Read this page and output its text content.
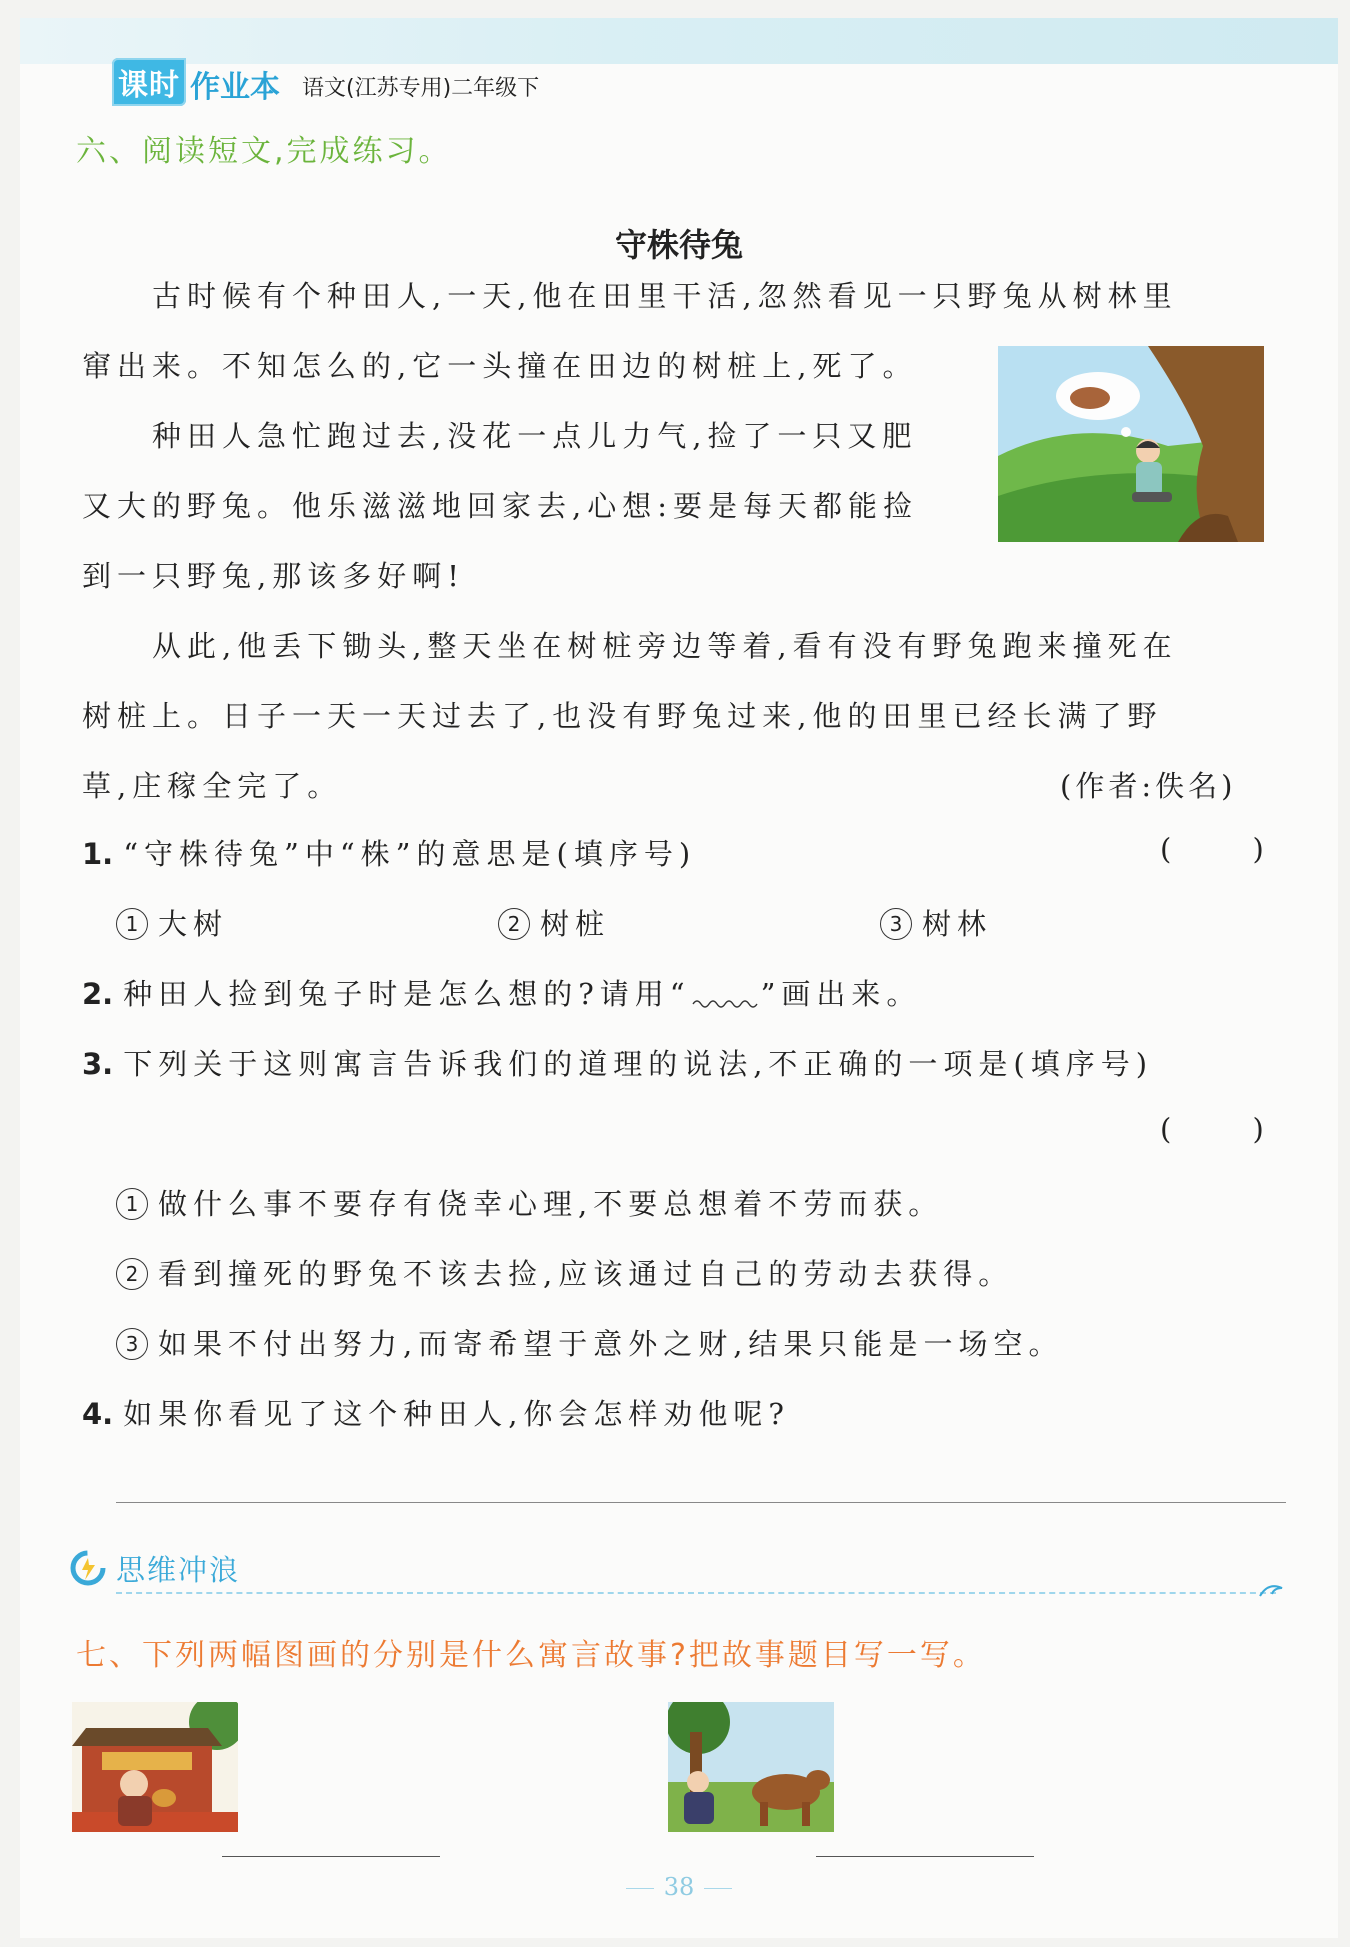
课时 作业本 语文(江苏专用)二年级下
六、阅读短文,完成练习。
守株待兔
古时候有个种田人,一天,他在田里干活,忽然看见一只野兔从树林里
窜出来。不知怎么的,它一头撞在田边的树桩上,死了。
种田人急忙跑过去,没花一点儿力气,捡了一只又肥
又大的野兔。他乐滋滋地回家去,心想:要是每天都能捡
到一只野兔,那该多好啊!
从此,他丢下锄头,整天坐在树桩旁边等着,看有没有野兔跑来撞死在
树桩上。日子一天一天过去了,也没有野兔过来,他的田里已经长满了野
草,庄稼全完了。	(作者:佚名)
1. “守株待兔”中“株”的意思是(填序号)	( )
1 大树	2 树桩	3 树林
2. 种田人捡到兔子时是怎么想的?请用“ ”画出来。
3. 下列关于这则寓言告诉我们的道理的说法,不正确的一项是(填序号)
( )
1 做什么事不要存有侥幸心理,不要总想着不劳而获。
2 看到撞死的野兔不该去捡,应该通过自己的劳动去获得。
3 如果不付出努力,而寄希望于意外之财,结果只能是一场空。
4. 如果你看见了这个种田人,你会怎样劝他呢?
思维冲浪
七、下列两幅图画的分别是什么寓言故事?把故事题目写一写。
38
